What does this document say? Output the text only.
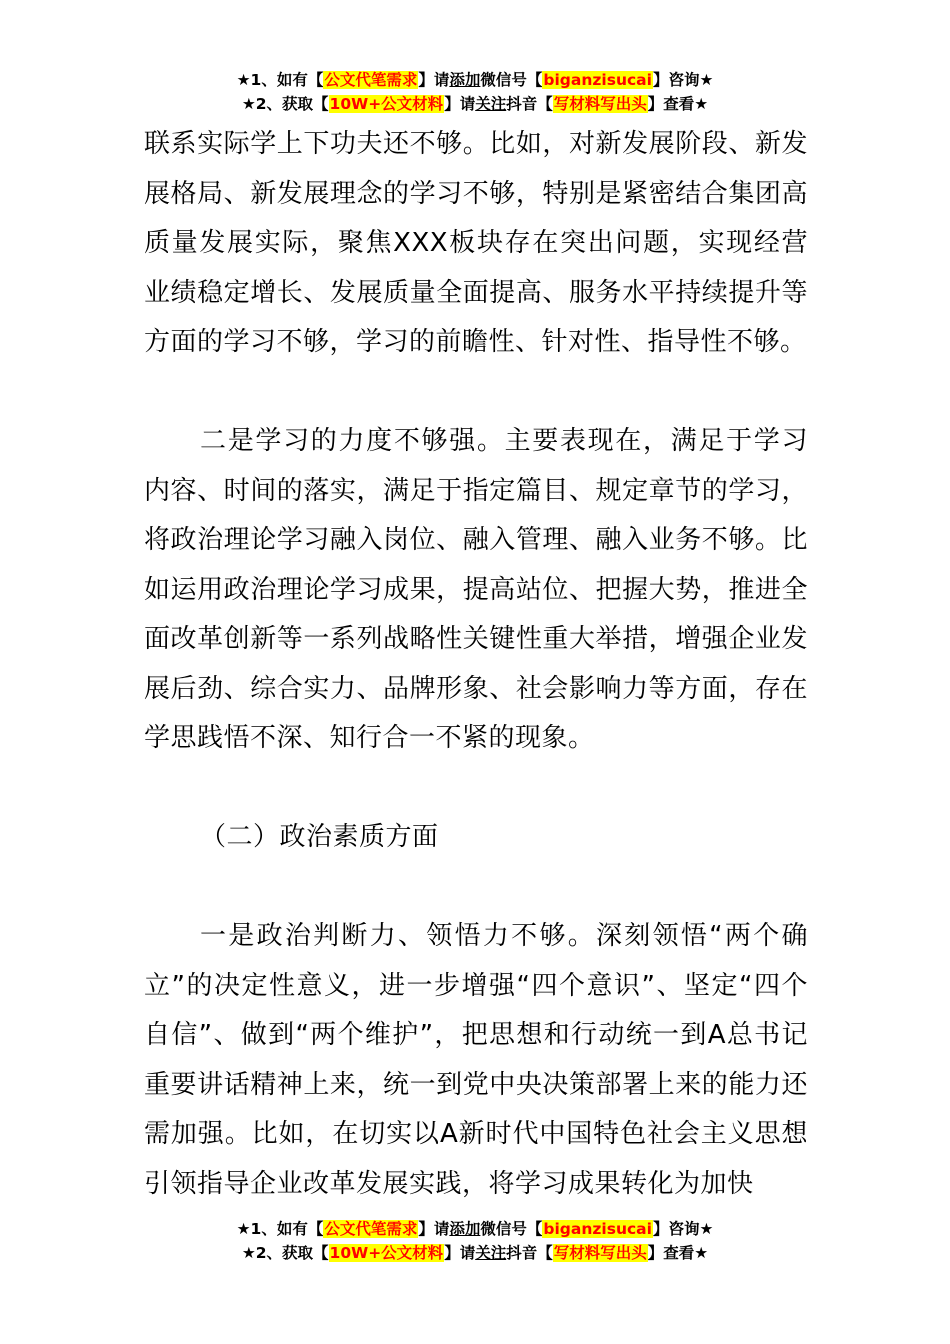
★1、如有【公文代笔需求】请添加微信号【biganzisucai】咨询★
★2、获取【10W+公文材料】请关注抖音【写材料写出头】查看★

联系实际学上下功夫还不够。比如，对新发展阶段、新发展格局、新发展理念的学习不够，特别是紧密结合集团高质量发展实际，聚焦XXX板块存在突出问题，实现经营业绩稳定增长、发展质量全面提高、服务水平持续提升等方面的学习不够，学习的前瞻性、针对性、指导性不够。

二是学习的力度不够强。主要表现在，满足于学习内容、时间的落实，满足于指定篇目、规定章节的学习，将政治理论学习融入岗位、融入管理、融入业务不够。比如运用政治理论学习成果，提高站位、把握大势，推进全面改革创新等一系列战略性关键性重大举措，增强企业发展后劲、综合实力、品牌形象、社会影响力等方面，存在学思践悟不深、知行合一不紧的现象。

（二）政治素质方面

一是政治判断力、领悟力不够。深刻领悟“两个确立”的决定性意义，进一步增强“四个意识”、坚定“四个自信”、做到“两个维护”，把思想和行动统一到A总书记重要讲话精神上来，统一到党中央决策部署上来的能力还需加强。比如，在切实以A新时代中国特色社会主义思想引领指导企业改革发展实践，将学习成果转化为加快

★1、如有【公文代笔需求】请添加微信号【biganzisucai】咨询★
★2、获取【10W+公文材料】请关注抖音【写材料写出头】查看★
